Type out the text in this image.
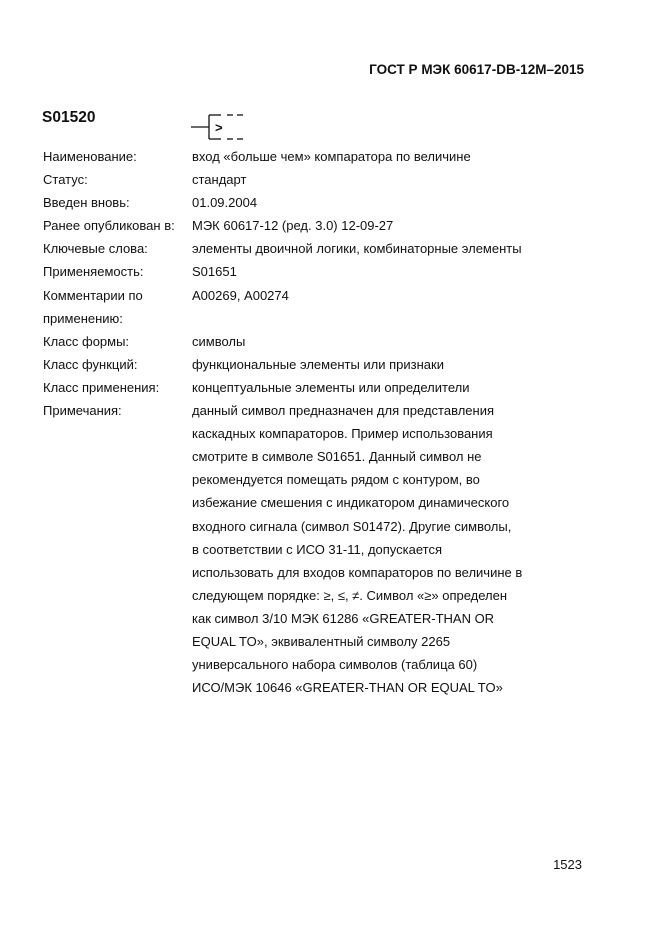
ГОСТ Р МЭК 60617-DB-12М–2015
S01520
>
Наименование:	вход «больше чем» компаратора по величине
Статус:	стандарт
Введен вновь:	01.09.2004
Ранее опубликован в:	МЭК 60617-12 (ред. 3.0) 12-09-27
Ключевые слова:	элементы двоичной логики, комбинаторные элементы
Применяемость:	S01651
Комментарии по применению:
А00269, А00274
Класс формы:	символы
Класс функций:	функциональные элементы или признаки
Класс применения:	концептуальные элементы или определители
Примечания:	данный символ предназначен для представления
каскадных компараторов. Пример использования
смотрите в символе S01651. Данный символ не
рекомендуется помещать рядом с контуром, во
избежание смешения с индикатором динамического
входного сигнала (символ S01472). Другие символы,
в соответствии с ИСО 31-11, допускается
использовать для входов компараторов по величине в
следующем порядке: ≥, ≤, ≠. Символ «≥» определен
как символ 3/10 МЭК 61286 «GREATER-THAN OR
EQUAL TO», эквивалентный символу 2265
универсального набора символов (таблица 60)
ИСО/МЭК 10646 «GREATER-THAN OR EQUAL TO»
1523
